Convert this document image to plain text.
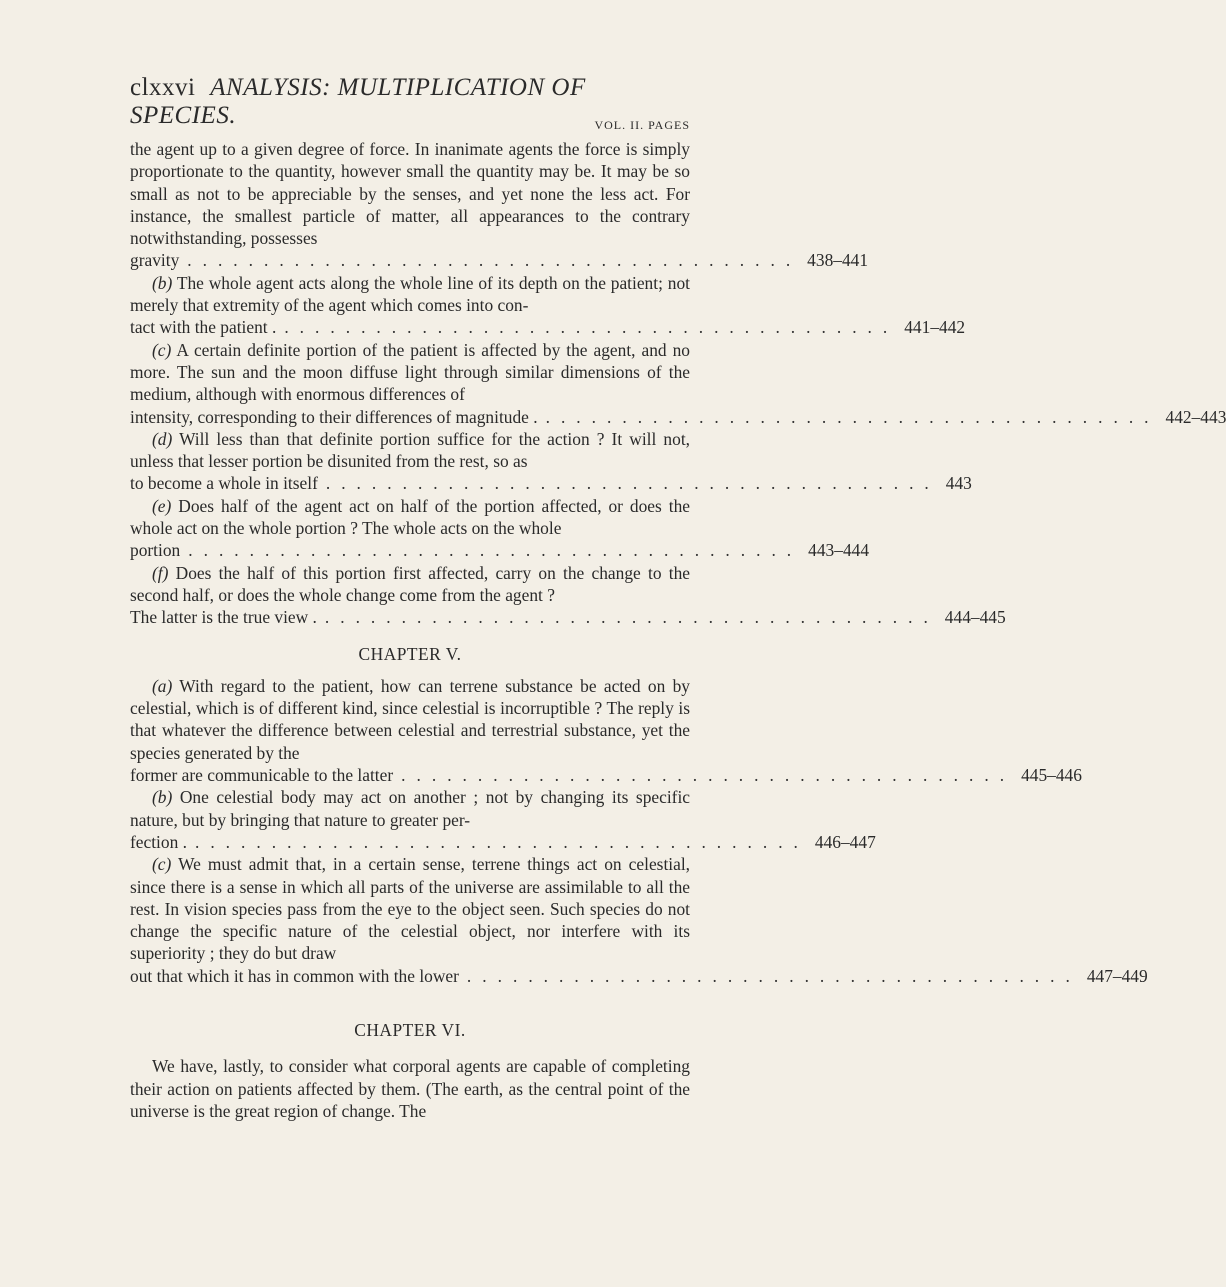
clxxvi ANALYSIS: MULTIPLICATION OF SPECIES.	VOL. II. PAGES

the agent up to a given degree of force. In inanimate agents the force is simply proportionate to the quantity, however small the quantity may be. It may be so small as not to be appreciable by the senses, and yet none the less act. For instance, the smallest particle of matter, all appearances to the contrary notwithstanding, possesses

gravity ........................................ 438–441

(b) The whole agent acts along the whole line of its depth on the patient; not merely that extremity of the agent which comes into con-

tact with the patient . ........................................ 441–442

(c) A certain definite portion of the patient is affected by the agent, and no more. The sun and the moon diffuse light through similar dimensions of the medium, although with enormous differences of

intensity, corresponding to their differences of magnitude . ........................................ 442–443

(d) Will less than that definite portion suffice for the action ? It will not, unless that lesser portion be disunited from the rest, so as

to become a whole in itself ........................................ 443

(e) Does half of the agent act on half of the portion affected, or does the whole act on the whole portion ? The whole acts on the whole

portion ........................................ 443–444

(f) Does the half of this portion first affected, carry on the change to the second half, or does the whole change come from the agent ?

The latter is the true view . ........................................ 444–445
CHAPTER V.

(a) With regard to the patient, how can terrene substance be acted on by celestial, which is of different kind, since celestial is incorruptible ? The reply is that whatever the difference between celestial and terrestrial substance, yet the species generated by the

former are communicable to the latter ........................................ 445–446

(b) One celestial body may act on another ; not by changing its specific nature, but by bringing that nature to greater per-

fection . ........................................ 446–447

(c) We must admit that, in a certain sense, terrene things act on celestial, since there is a sense in which all parts of the universe are assimilable to all the rest. In vision species pass from the eye to the object seen. Such species do not change the specific nature of the celestial object, nor interfere with its superiority ; they do but draw

out that which it has in common with the lower ........................................ 447–449
CHAPTER VI.

We have, lastly, to consider what corporal agents are capable of completing their action on patients affected by them. (The earth, as the central point of the universe is the great region of change. The
